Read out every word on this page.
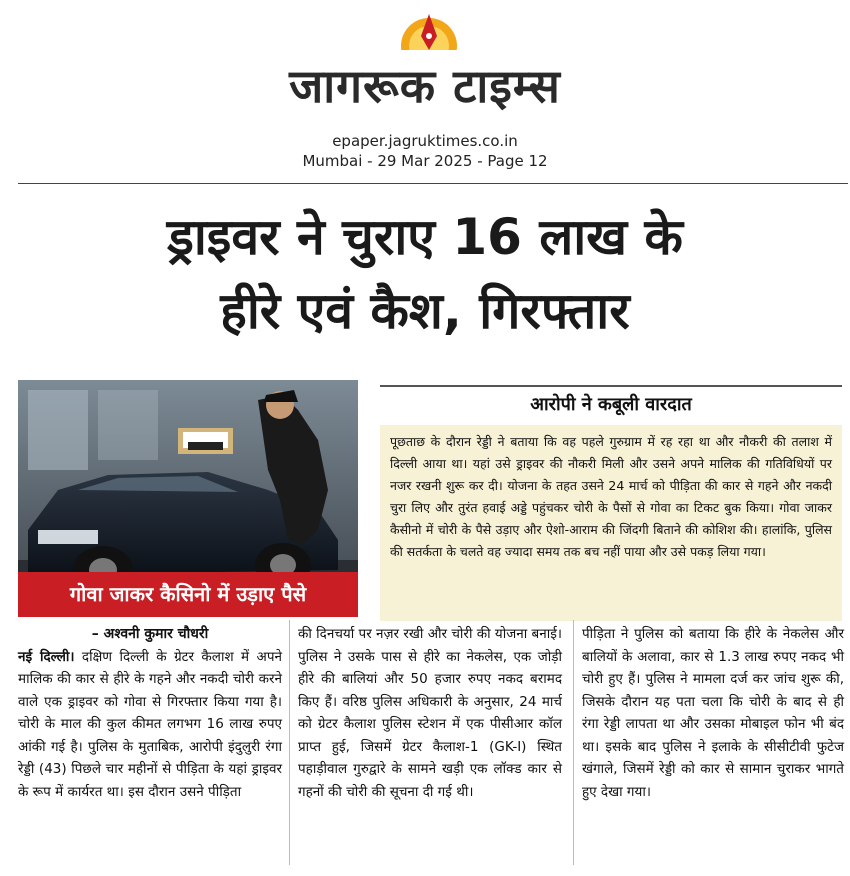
जागरूक टाइम्स
epaper.jagruktimes.co.in
Mumbai - 29 Mar 2025 - Page 12
ड्राइवर ने चुराए 16 लाख के
हीरे एवं कैश, गिरफ्तार
गोवा जाकर कैसिनो में उड़ाए पैसे
आरोपी ने कबूली वारदात
पूछताछ के दौरान रेड्डी ने बताया कि वह पहले गुरुग्राम में रह रहा था और नौकरी की तलाश में दिल्ली आया था। यहां उसे ड्राइवर की नौकरी मिली और उसने अपने मालिक की गतिविधियों पर नजर रखनी शुरू कर दी। योजना के तहत उसने 24 मार्च को पीड़िता की कार से गहने और नकदी चुरा लिए और तुरंत हवाई अड्डे पहुंचकर चोरी के पैसों से गोवा का टिकट बुक किया। गोवा जाकर कैसीनो में चोरी के पैसे उड़ाए और ऐशो-आराम की जिंदगी बिताने की कोशिश की। हालांकि, पुलिस की सतर्कता के चलते वह ज्यादा समय तक बच नहीं पाया और उसे पकड़ लिया गया।
– अश्वनी कुमार चौधरी
नई दिल्ली। दक्षिण दिल्ली के ग्रेटर कैलाश में अपने मालिक की कार से हीरे के गहने और नकदी चोरी करने वाले एक ड्राइवर को गोवा से गिरफ्तार किया गया है। चोरी के माल की कुल कीमत लगभग 16 लाख रुपए आंकी गई है। पुलिस के मुताबिक, आरोपी इंदुलुरी रंगा रेड्डी (43) पिछले चार महीनों से पीड़िता के यहां ड्राइवर के रूप में कार्यरत था। इस दौरान उसने पीड़िता
की दिनचर्या पर नज़र रखी और चोरी की योजना बनाई। पुलिस ने उसके पास से हीरे का नेकलेस, एक जोड़ी हीरे की बालियां और 50 हजार रुपए नकद बरामद किए हैं। वरिष्ठ पुलिस अधिकारी के अनुसार, 24 मार्च को ग्रेटर कैलाश पुलिस स्टेशन में एक पीसीआर कॉल प्राप्त हुई, जिसमें ग्रेटर कैलाश-1 (GK-I) स्थित पहाड़ीवाल गुरुद्वारे के सामने खड़ी एक लॉक्ड कार से गहनों की चोरी की सूचना दी गई थी।
पीड़िता ने पुलिस को बताया कि हीरे के नेकलेस और बालियों के अलावा, कार से 1.3 लाख रुपए नकद भी चोरी हुए हैं। पुलिस ने मामला दर्ज कर जांच शुरू की, जिसके दौरान यह पता चला कि चोरी के बाद से ही रंगा रेड्डी लापता था और उसका मोबाइल फोन भी बंद था। इसके बाद पुलिस ने इलाके के सीसीटीवी फुटेज खंगाले, जिसमें रेड्डी को कार से सामान चुराकर भागते हुए देखा गया।
